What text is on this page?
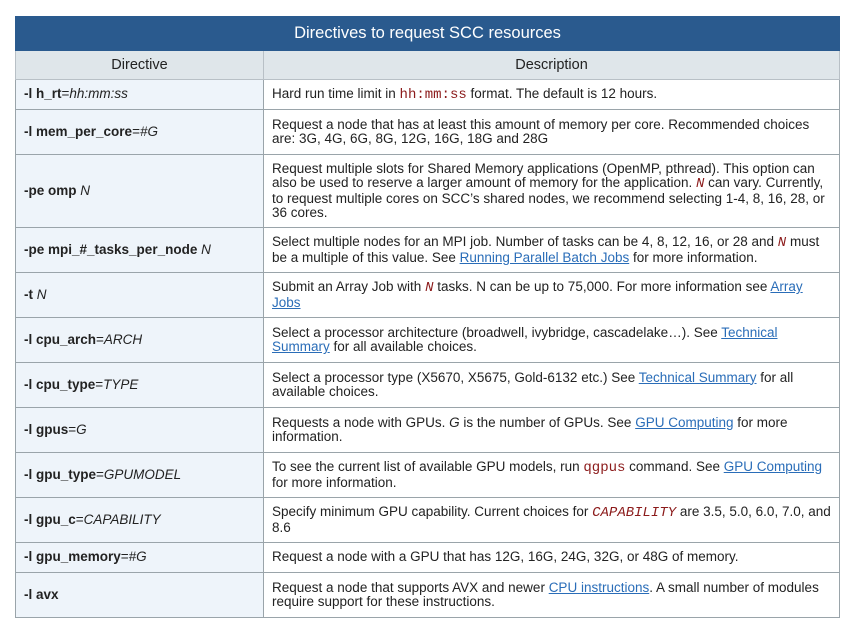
Directives to request SCC resources	
Directive	Description
-l h_rt=hh:mm:ss	Hard run time limit in hh:mm:ss format. The default is 12 hours.
-l mem_per_core=#G	Request a node that has at least this amount of memory per core. Recommended choices are: 3G, 4G, 6G, 8G, 12G, 16G, 18G and 28G
-pe omp N	Request multiple slots for Shared Memory applications (OpenMP, pthread). This option can also be used to reserve a larger amount of memory for the application. N can vary. Currently, to request multiple cores on SCC’s shared nodes, we recommend selecting 1-4, 8, 16, 28, or 36 cores.
-pe mpi_#_tasks_per_node N	Select multiple nodes for an MPI job. Number of tasks can be 4, 8, 12, 16, or 28 and N must be a multiple of this value. See Running Parallel Batch Jobs for more information.
-t N	Submit an Array Job with N tasks. N can be up to 75,000. For more information see Array Jobs
-l cpu_arch=ARCH	Select a processor architecture (broadwell, ivybridge, cascadelake…). See Technical Summary for all available choices.
-l cpu_type=TYPE	Select a processor type (X5670, X5675, Gold-6132 etc.) See Technical Summary for all available choices.
-l gpus=G	Requests a node with GPUs. G is the number of GPUs. See GPU Computing for more information.
-l gpu_type=GPUMODEL	To see the current list of available GPU models, run qgpus command. See GPU Computing for more information.
-l gpu_c=CAPABILITY	Specify minimum GPU capability. Current choices for CAPABILITY are 3.5, 5.0, 6.0, 7.0, and 8.6
-l gpu_memory=#G	Request a node with a GPU that has 12G, 16G, 24G, 32G, or 48G of memory.
-l avx	Request a node that supports AVX and newer CPU instructions. A small number of modules require support for these instructions.
